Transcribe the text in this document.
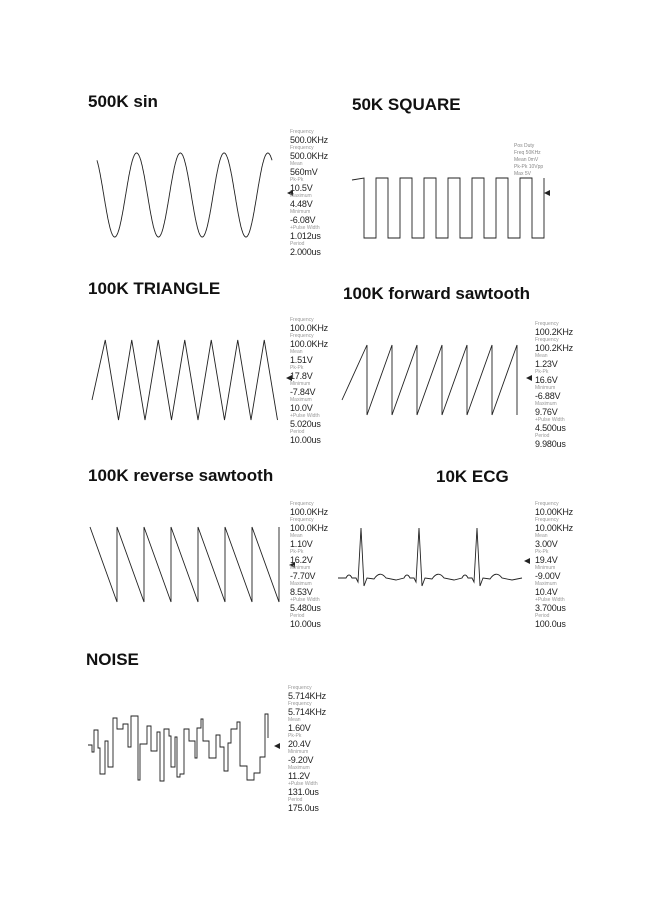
500K sin
Frequency
500.0KHz
Frequency
500.0KHz
Mean
560mV
Pk-Pk
10.5V
Maximum
4.48V
Minimum
-6.08V
+Pulse Width
1.012us
Period
2.000us
50K SQUARE
Pos Duty
Freq 50KHz
Mean 0mV
Pk-Pk 10Vpp
Max 5V
100K TRIANGLE
Frequency
100.0KHz
Frequency
100.0KHz
Mean
1.51V
Pk-Pk
17.8V
Minimum
-7.84V
Maximum
10.0V
+Pulse Width
5.020us
Period
10.00us
100K forward sawtooth
Frequency
100.2KHz
Frequency
100.2KHz
Mean
1.23V
Pk-Pk
16.6V
Minimum
-6.88V
Maximum
9.76V
+Pulse Width
4.500us
Period
9.980us
100K reverse sawtooth
Frequency
100.0KHz
Frequency
100.0KHz
Mean
1.10V
Pk-Pk
16.2V
Minimum
-7.70V
Maximum
8.53V
+Pulse Width
5.480us
Period
10.00us
10K ECG
Frequency
10.00KHz
Frequency
10.00KHz
Mean
3.00V
Pk-Pk
19.4V
Minimum
-9.00V
Maximum
10.4V
+Pulse Width
3.700us
Period
100.0us
NOISE
Frequency
5.714KHz
Frequency
5.714KHz
Mean
1.60V
Pk-Pk
20.4V
Minimum
-9.20V
Maximum
11.2V
+Pulse Width
131.0us
Period
175.0us
